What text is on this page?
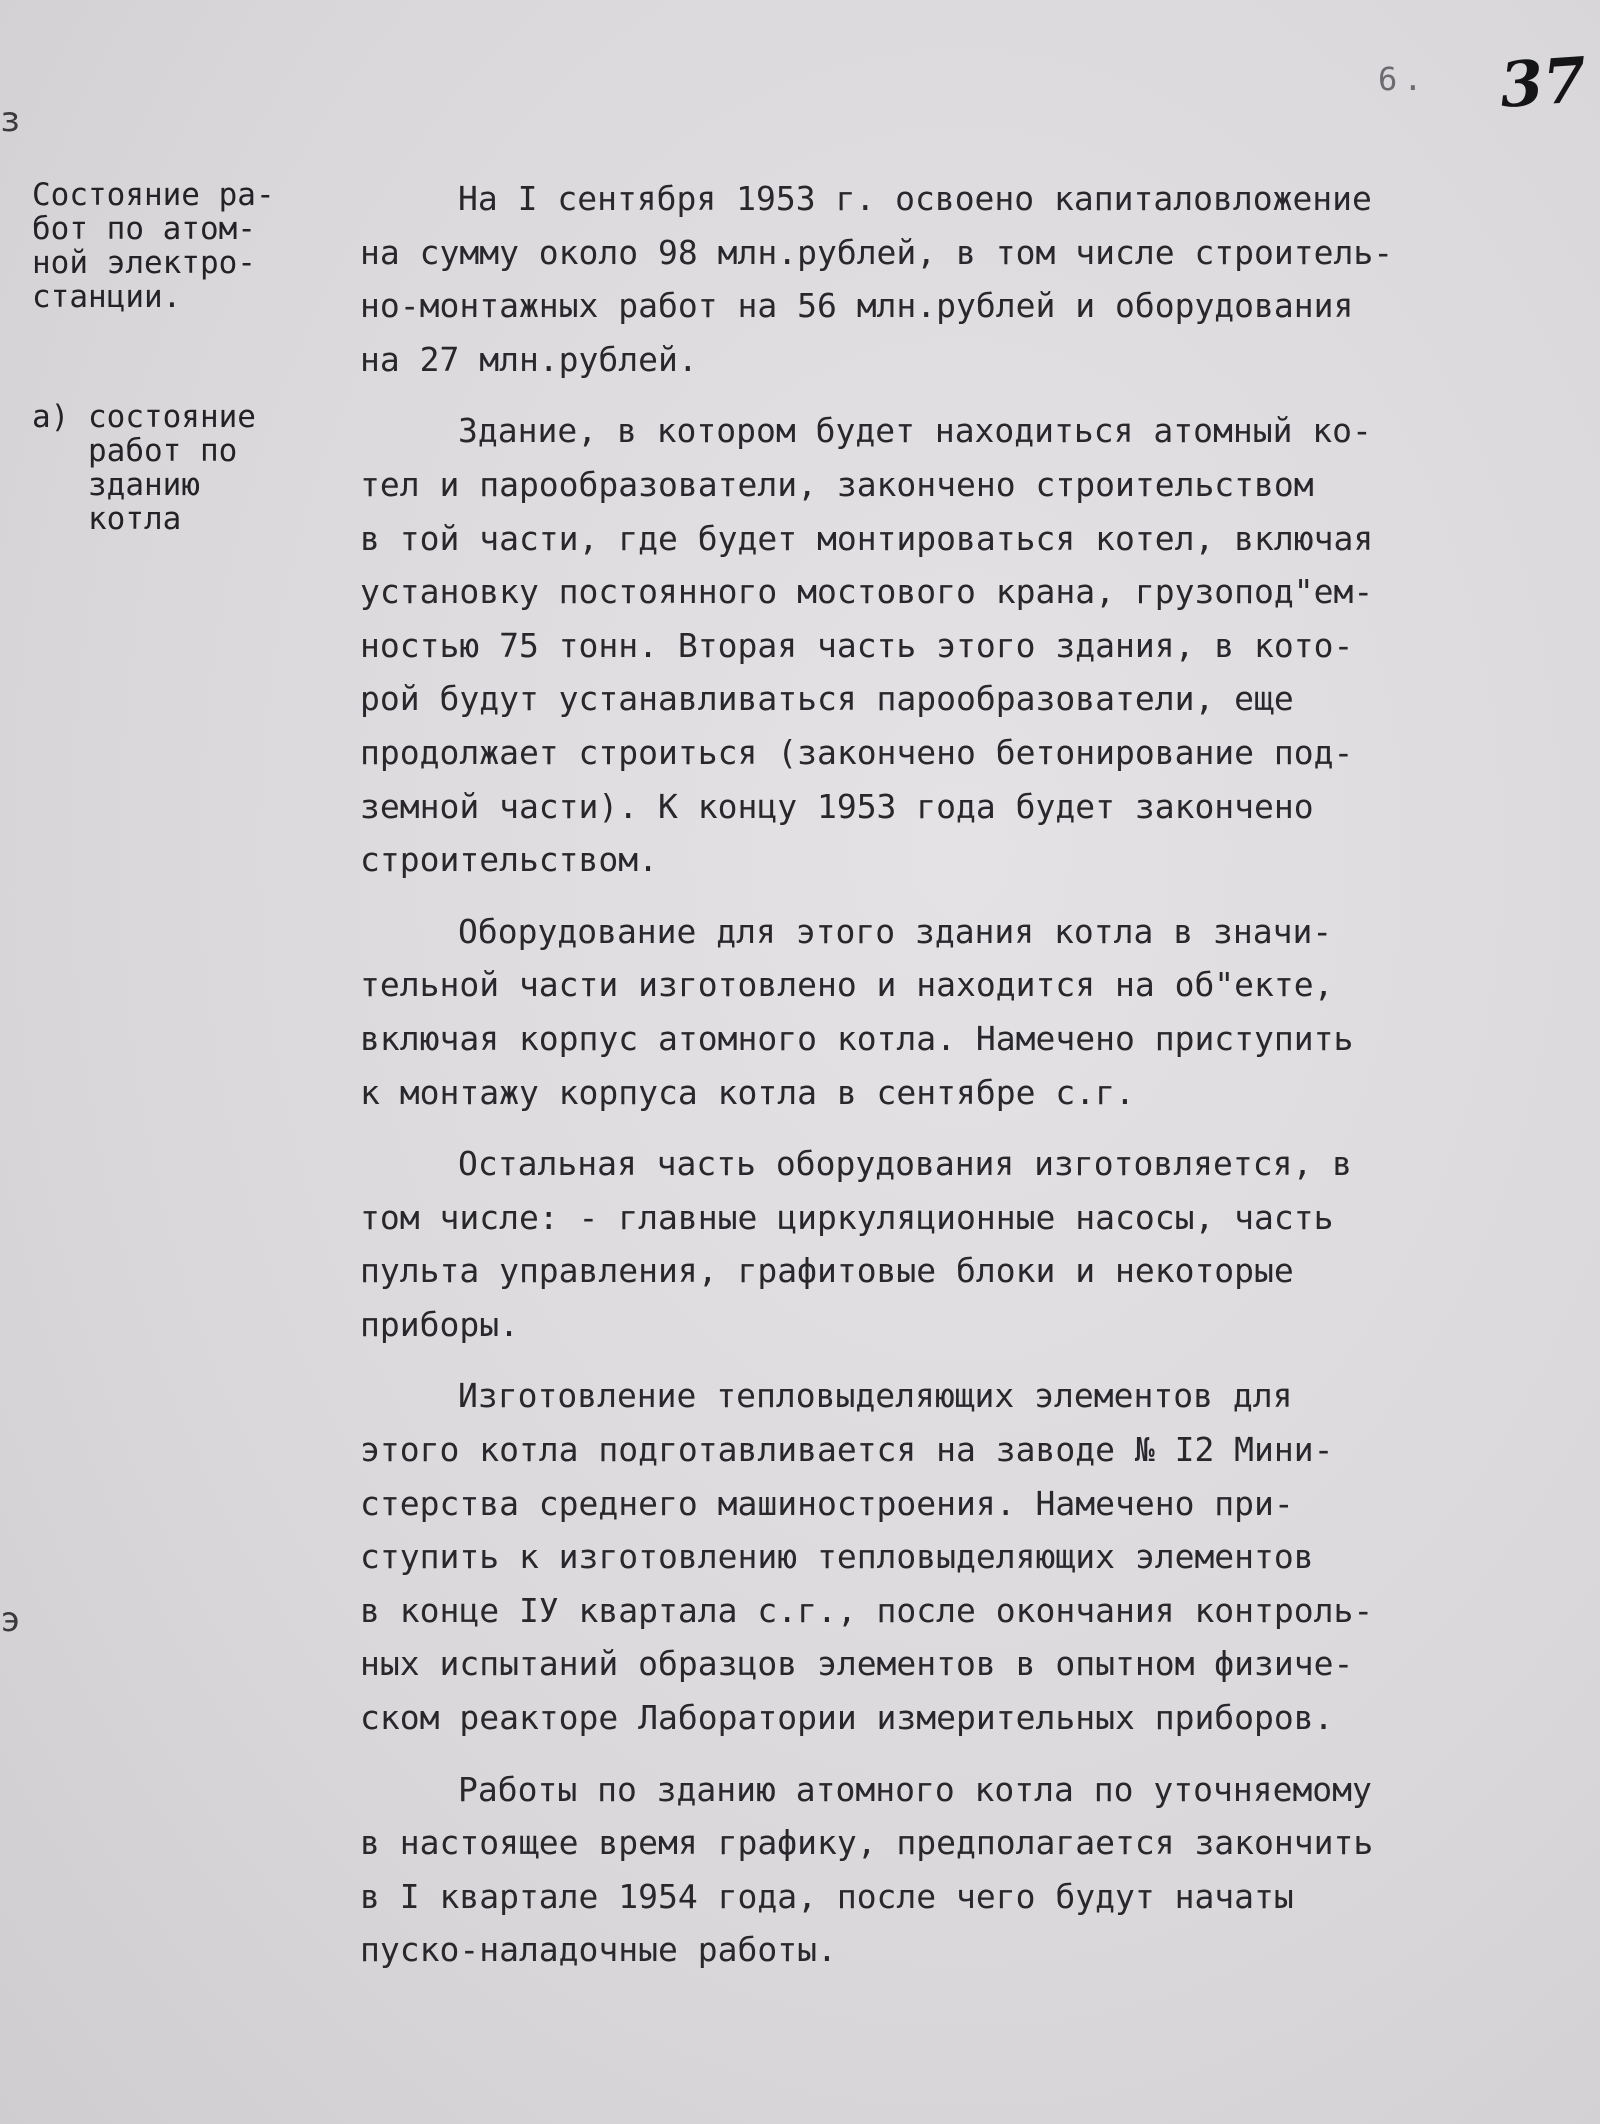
з
э
6. 37
Состояние ра-
бот по атом-
ной электро-
станции.
а) состояние
работ по
зданию
котла
На I сентября 1953 г. освоено капиталовложение
на сумму около 98 млн.рублей, в том числе строитель-
но-монтажных работ на 56 млн.рублей и оборудования
на 27 млн.рублей.
Здание, в котором будет находиться атомный ко-
тел и парообразователи, закончено строительством
в той части, где будет монтироваться котел, включая
установку постоянного мостового крана, грузопод"ем-
ностью 75 тонн. Вторая часть этого здания, в кото-
рой будут устанавливаться парообразователи, еще
продолжает строиться (закончено бетонирование под-
земной части). К концу 1953 года будет закончено
строительством.
Оборудование для этого здания котла в значи-
тельной части изготовлено и находится на об"екте,
включая корпус атомного котла. Намечено приступить
к монтажу корпуса котла в сентябре с.г.
Остальная часть оборудования изготовляется, в
том числе: - главные циркуляционные насосы, часть
пульта управления, графитовые блоки и некоторые
приборы.
Изготовление тепловыделяющих элементов для
этого котла подготавливается на заводе № I2 Мини-
стерства среднего машиностроения. Намечено при-
ступить к изготовлению тепловыделяющих элементов
в конце IУ квартала с.г., после окончания контроль-
ных испытаний образцов элементов в опытном физиче-
ском реакторе Лаборатории измерительных приборов.
Работы по зданию атомного котла по уточняемому
в настоящее время графику, предполагается закончить
в I квартале 1954 года, после чего будут начаты
пуско-наладочные работы.
